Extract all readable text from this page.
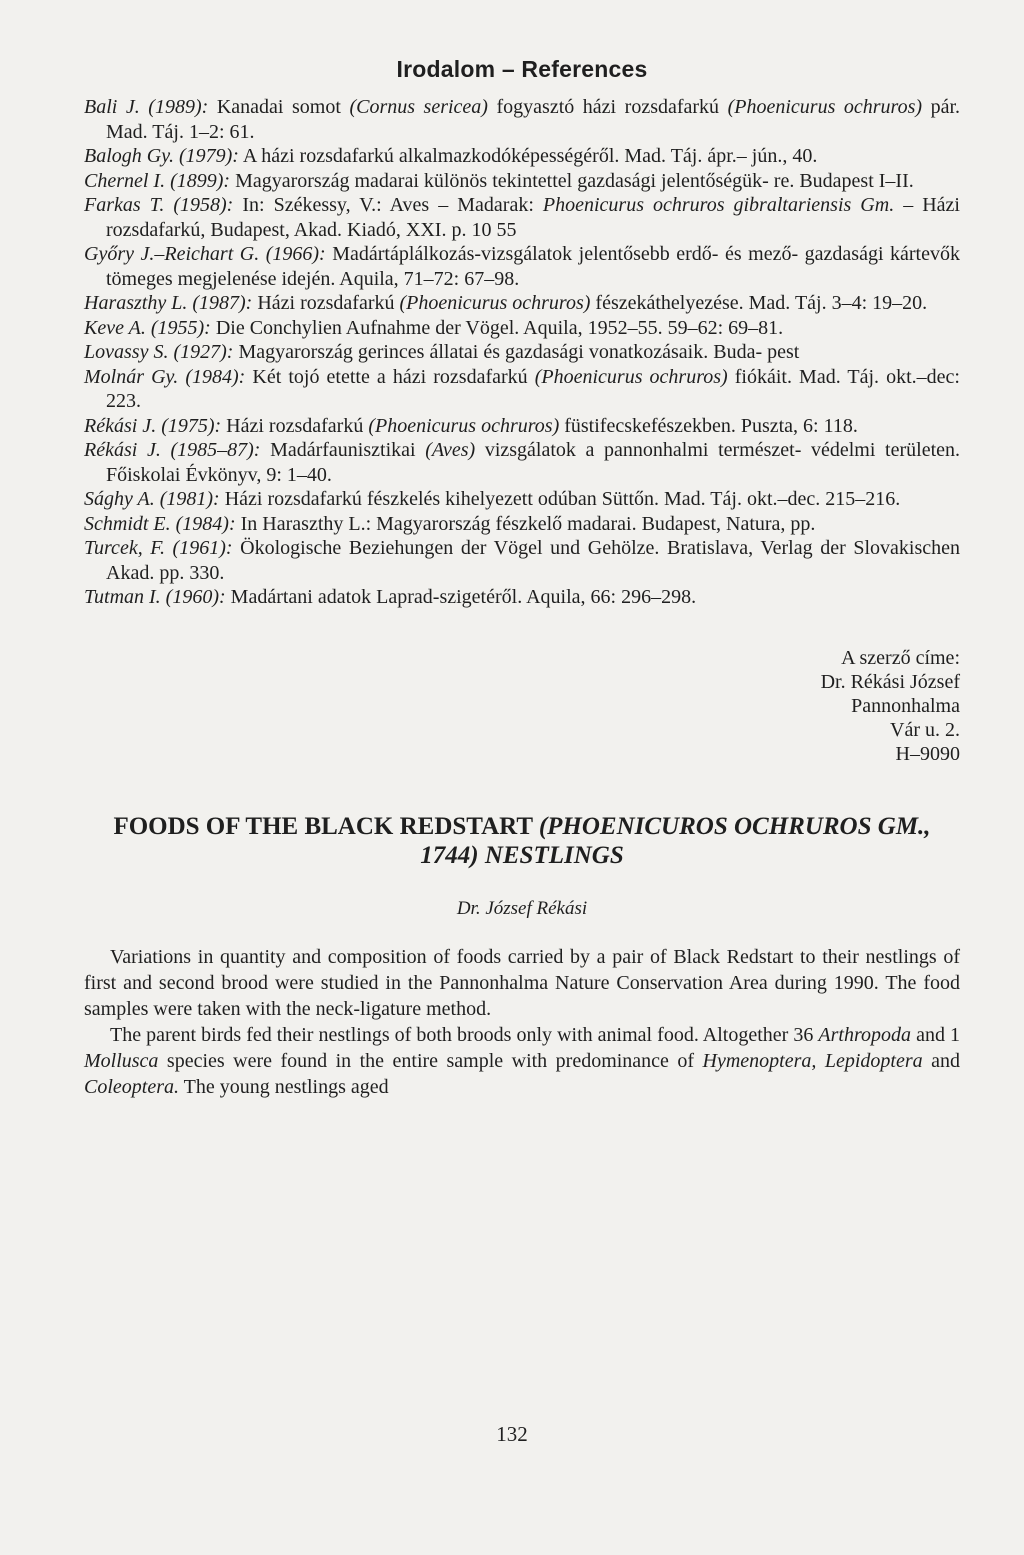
Irodalom – References

Bali J. (1989): Kanadai somot (Cornus sericea) fogyasztó házi rozsdafarkú (Phoenicurus ochruros) pár. Mad. Táj. 1–2: 61.

Balogh Gy. (1979): A házi rozsdafarkú alkalmazkodóképességéről. Mad. Táj. ápr.– jún., 40.

Chernel I. (1899): Magyarország madarai különös tekintettel gazdasági jelentőségük- re. Budapest I–II.

Farkas T. (1958): In: Székessy, V.: Aves – Madarak: Phoenicurus ochruros gibraltariensis Gm. – Házi rozsdafarkú, Budapest, Akad. Kiadó, XXI. p. 10 55

Győry J.–Reichart G. (1966): Madártáplálkozás-vizsgálatok jelentősebb erdő- és mező- gazdasági kártevők tömeges megjelenése idején. Aquila, 71–72: 67–98.

Haraszthy L. (1987): Házi rozsdafarkú (Phoenicurus ochruros) fészekáthelyezése. Mad. Táj. 3–4: 19–20.

Keve A. (1955): Die Conchylien Aufnahme der Vögel. Aquila, 1952–55. 59–62: 69–81.

Lovassy S. (1927): Magyarország gerinces állatai és gazdasági vonatkozásaik. Buda- pest

Molnár Gy. (1984): Két tojó etette a házi rozsdafarkú (Phoenicurus ochruros) fiókáit. Mad. Táj. okt.–dec: 223.

Rékási J. (1975): Házi rozsdafarkú (Phoenicurus ochruros) füstifecskefészekben. Puszta, 6: 118.

Rékási J. (1985–87): Madárfaunisztikai (Aves) vizsgálatok a pannonhalmi természet- védelmi területen. Főiskolai Évkönyv, 9: 1–40.

Sághy A. (1981): Házi rozsdafarkú fészkelés kihelyezett odúban Süttőn. Mad. Táj. okt.–dec. 215–216.

Schmidt E. (1984): In Haraszthy L.: Magyarország fészkelő madarai. Budapest, Natura, pp.

Turcek, F. (1961): Ökologische Beziehungen der Vögel und Gehölze. Bratislava, Verlag der Slovakischen Akad. pp. 330.

Tutman I. (1960): Madártani adatok Laprad-szigetéről. Aquila, 66: 296–298.

A szerző címe:
Dr. Rékási József
Pannonhalma
Vár u. 2.
H–9090
FOODS OF THE BLACK REDSTART (PHOENICUROS OCHRUROS GM., 1744) NESTLINGS
Dr. József Rékási

Variations in quantity and composition of foods carried by a pair of Black Redstart to their nestlings of first and second brood were studied in the Pannonhalma Nature Conservation Area during 1990. The food samples were taken with the neck-ligature method.

The parent birds fed their nestlings of both broods only with animal food. Altogether 36 Arthropoda and 1 Mollusca species were found in the entire sample with predominance of Hymenoptera, Lepidoptera and Coleoptera. The young nestlings aged

132
